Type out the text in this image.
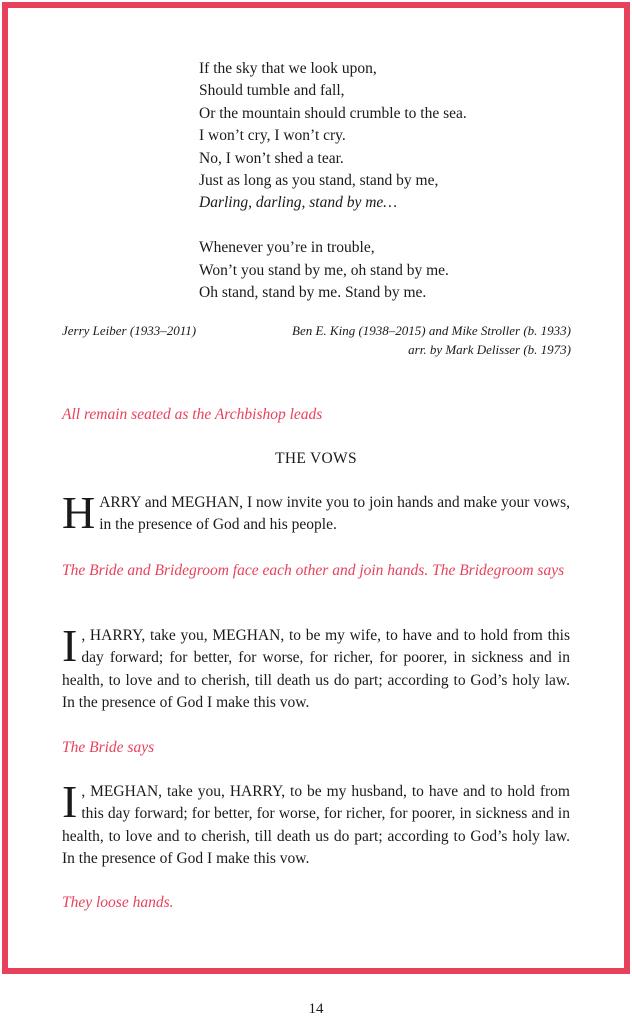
If the sky that we look upon,
Should tumble and fall,
Or the mountain should crumble to the sea.
I won’t cry, I won’t cry.
No, I won’t shed a tear.
Just as long as you stand, stand by me,
Darling, darling, stand by me…
Whenever you’re in trouble,
Won’t you stand by me, oh stand by me.
Oh stand, stand by me. Stand by me.
Jerry Leiber (1933–2011)	Ben E. King (1938–2015) and Mike Stroller (b. 1933)
arr. by Mark Delisser (b. 1973)
All remain seated as the Archbishop leads
THE VOWS
HARRY and MEGHAN, I now invite you to join hands and make your vows, in the presence of God and his people.
The Bride and Bridegroom face each other and join hands. The Bridegroom says
I , HARRY, take you, MEGHAN, to be my wife, to have and to hold from this day forward; for better, for worse, for richer, for poorer, in sickness and in health, to love and to cherish, till death us do part; according to God’s holy law. In the presence of God I make this vow.
The Bride says
I , MEGHAN, take you, HARRY, to be my husband, to have and to hold from this day forward; for better, for worse, for richer, for poorer, in sickness and in health, to love and to cherish, till death us do part; according to God’s holy law. In the presence of God I make this vow.
They loose hands.
14
